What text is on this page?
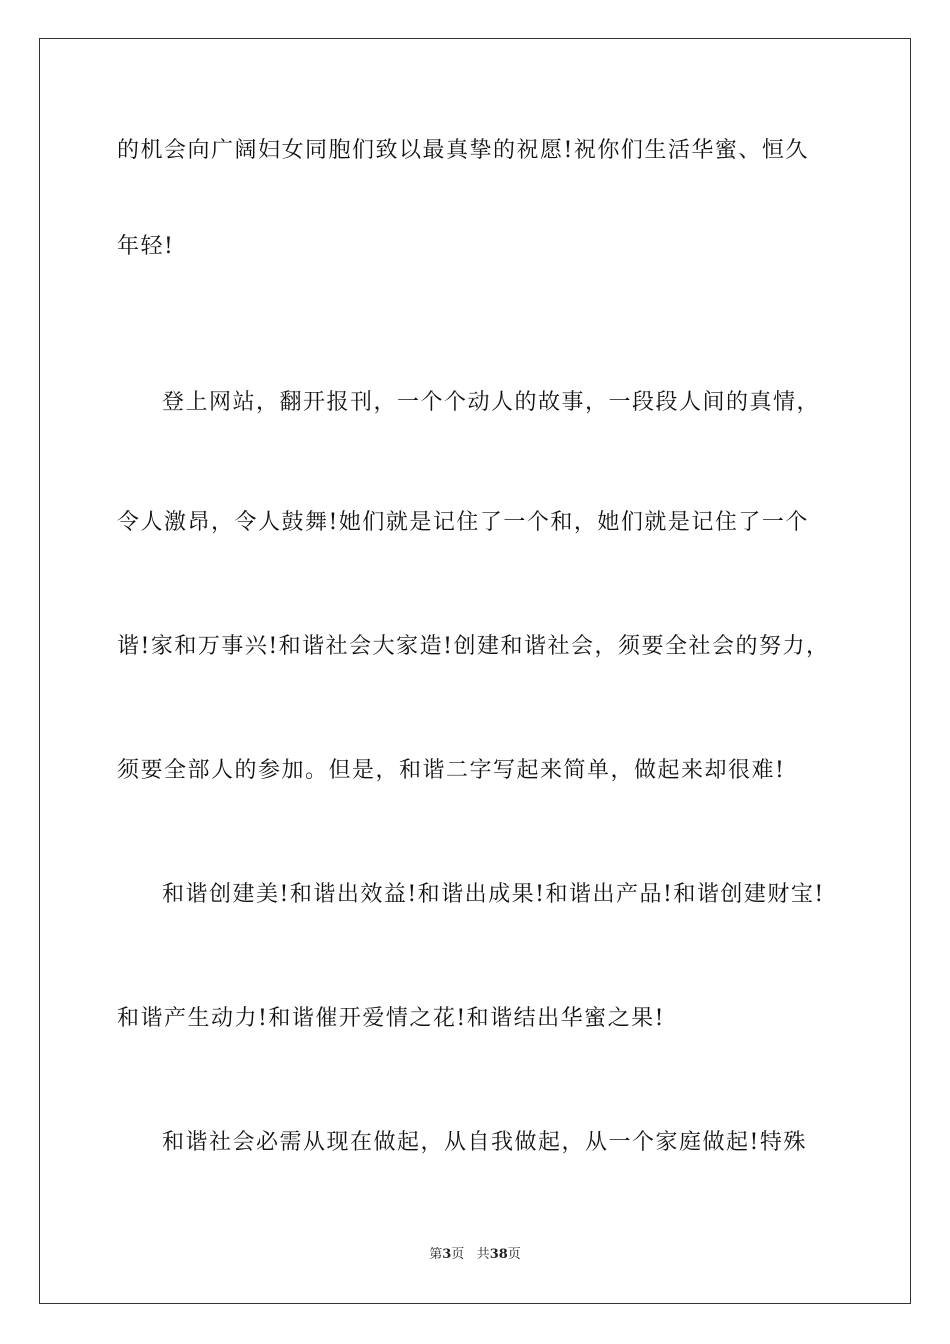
的机会向广阔妇女同胞们致以最真挚的祝愿!祝你们生活华蜜、恒久
年轻!
登上网站，翻开报刊，一个个动人的故事，一段段人间的真情，
令人激昂，令人鼓舞!她们就是记住了一个和，她们就是记住了一个
谐!家和万事兴!和谐社会大家造!创建和谐社会，须要全社会的努力，
须要全部人的参加。但是，和谐二字写起来简单，做起来却很难!
和谐创建美!和谐出效益!和谐出成果!和谐出产品!和谐创建财宝!
和谐产生动力!和谐催开爱情之花!和谐结出华蜜之果!
和谐社会必需从现在做起，从自我做起，从一个家庭做起!特殊
第3页 共38页
